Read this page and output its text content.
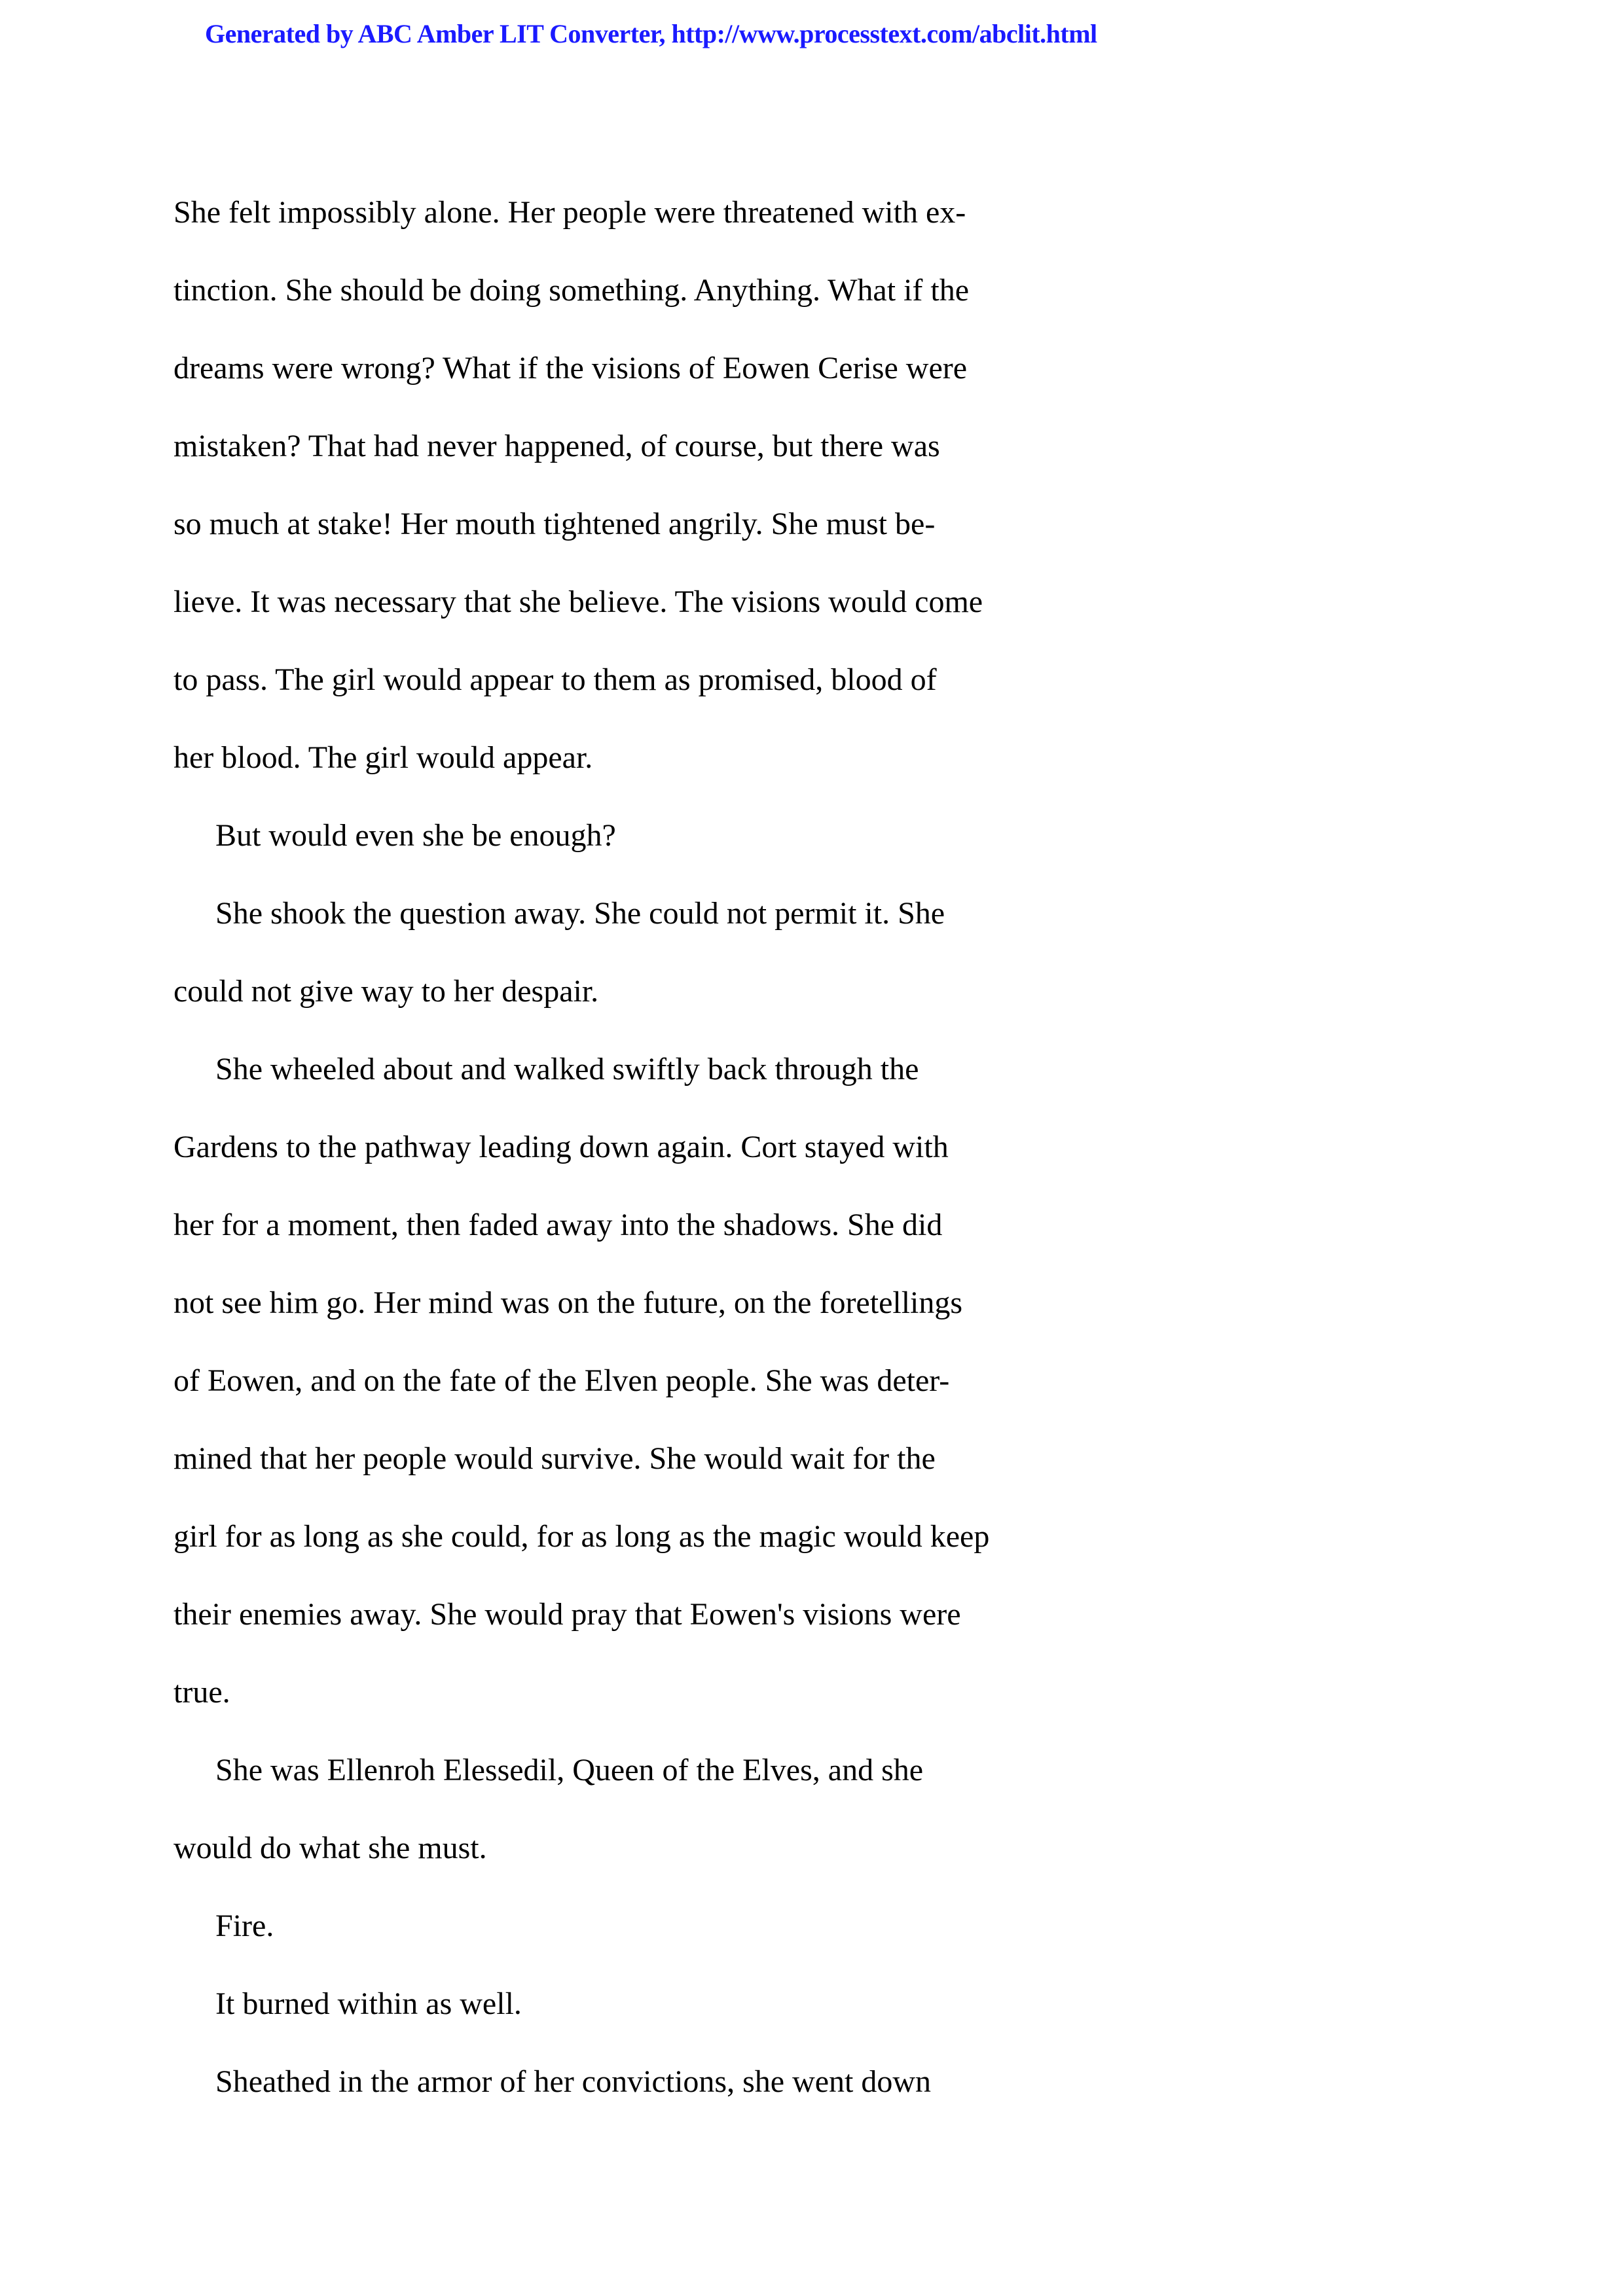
Generated by ABC Amber LIT Converter, http://www.processtext.com/abclit.html
She felt impossibly alone. Her people were threatened with ex-
tinction. She should be doing something. Anything. What if the
dreams were wrong? What if the visions of Eowen Cerise were
mistaken? That had never happened, of course, but there was
so much at stake! Her mouth tightened angrily. She must be-
lieve. It was necessary that she believe. The visions would come
to pass. The girl would appear to them as promised, blood of
her blood. The girl would appear.
But would even she be enough?
She shook the question away. She could not permit it. She
could not give way to her despair.
She wheeled about and walked swiftly back through the
Gardens to the pathway leading down again. Cort stayed with
her for a moment, then faded away into the shadows. She did
not see him go. Her mind was on the future, on the foretellings
of Eowen, and on the fate of the Elven people. She was deter-
mined that her people would survive. She would wait for the
girl for as long as she could, for as long as the magic would keep
their enemies away. She would pray that Eowen's visions were
true.
She was Ellenroh Elessedil, Queen of the Elves, and she
would do what she must.
Fire.
It burned within as well.
Sheathed in the armor of her convictions, she went down
